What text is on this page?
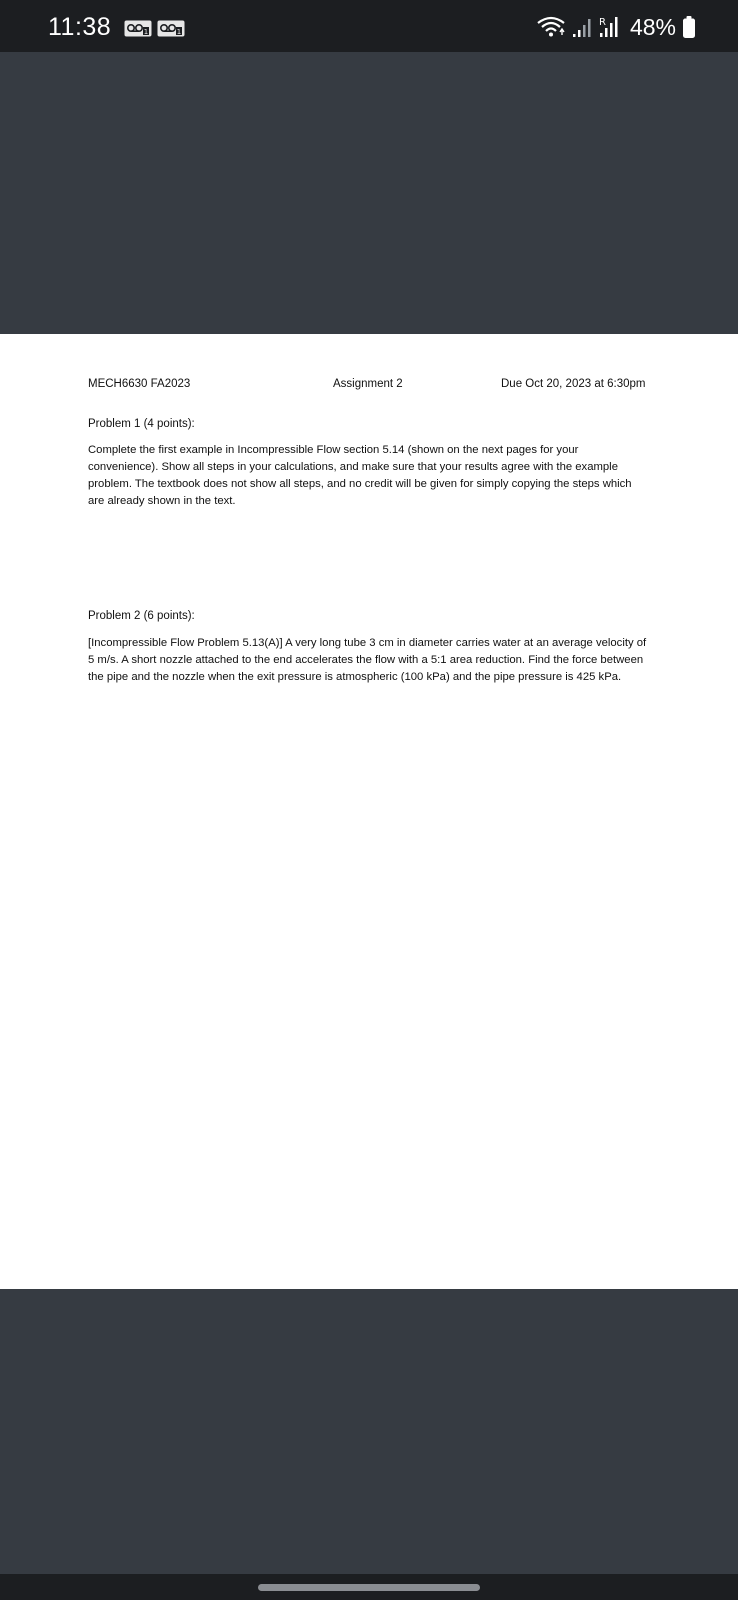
11:38	1	1
R 48%
MECH6630 FA2023	Assignment 2	Due Oct 20, 2023 at 6:30pm
Problem 1 (4 points):
Complete the first example in Incompressible Flow section 5.14 (shown on the next pages for your convenience). Show all steps in your calculations, and make sure that your results agree with the example problem. The textbook does not show all steps, and no credit will be given for simply copying the steps which are already shown in the text.
Problem 2 (6 points):
[Incompressible Flow Problem 5.13(A)] A very long tube 3 cm in diameter carries water at an average velocity of 5 m/s. A short nozzle attached to the end accelerates the flow with a 5:1 area reduction. Find the force between the pipe and the nozzle when the exit pressure is atmospheric (100 kPa) and the pipe pressure is 425 kPa.
